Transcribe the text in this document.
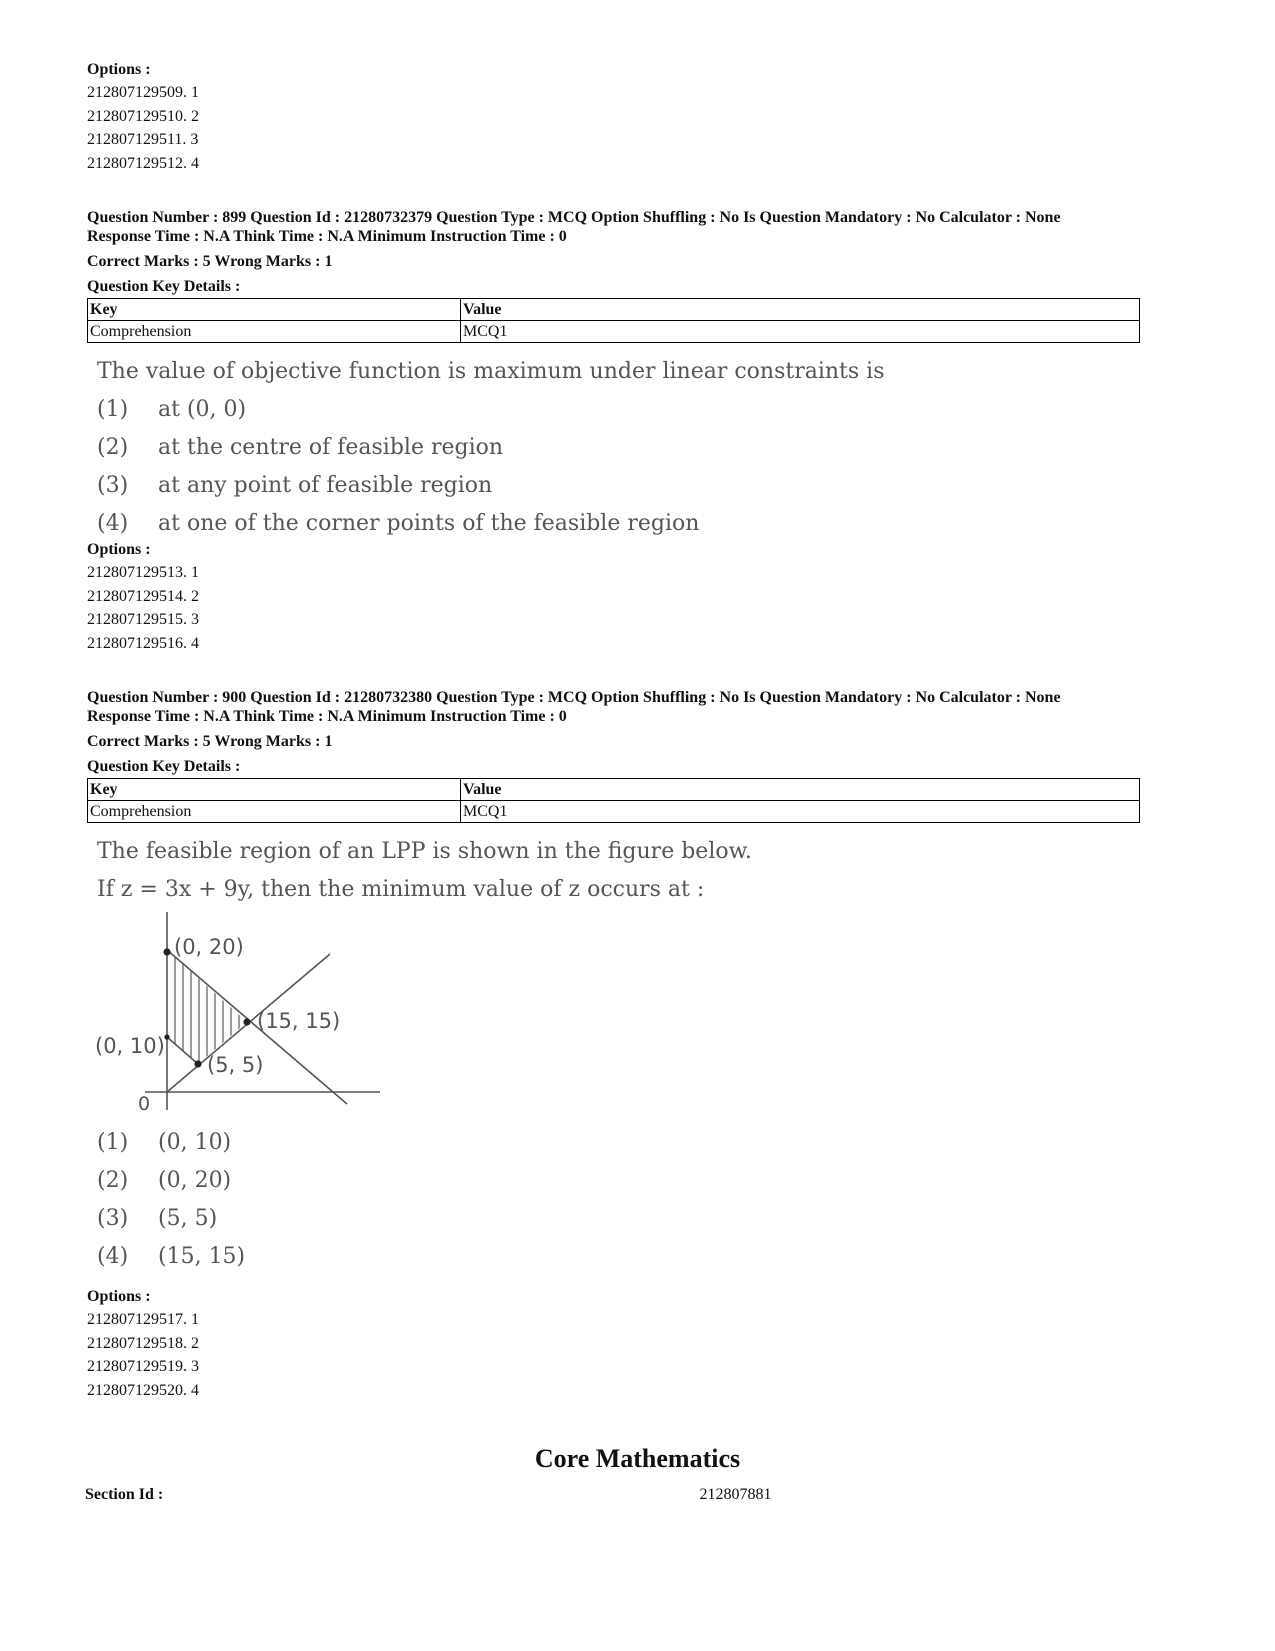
Options :
212807129509. 1
212807129510. 2
212807129511. 3
212807129512. 4
Question Number : 899 Question Id : 21280732379 Question Type : MCQ Option Shuffling : No Is Question Mandatory : No Calculator : None
Response Time : N.A Think Time : N.A Minimum Instruction Time : 0
Correct Marks : 5 Wrong Marks : 1
Question Key Details :
Key	Value
Comprehension	MCQ1
The value of objective function is maximum under linear constraints is
(1) at (0, 0)
(2) at the centre of feasible region
(3) at any point of feasible region
(4) at one of the corner points of the feasible region
Options :
212807129513. 1
212807129514. 2
212807129515. 3
212807129516. 4
Question Number : 900 Question Id : 21280732380 Question Type : MCQ Option Shuffling : No Is Question Mandatory : No Calculator : None
Response Time : N.A Think Time : N.A Minimum Instruction Time : 0
Correct Marks : 5 Wrong Marks : 1
Question Key Details :
Key	Value
Comprehension	MCQ1
The feasible region of an LPP is shown in the figure below.
If z = 3x + 9y, then the minimum value of z occurs at :
(0, 20)
(15, 15)
(0, 10)
(5, 5)
0
(1) (0, 10)
(2) (0, 20)
(3) (5, 5)
(4) (15, 15)
Options :
212807129517. 1
212807129518. 2
212807129519. 3
212807129520. 4
Core Mathematics
Section Id :	212807881
